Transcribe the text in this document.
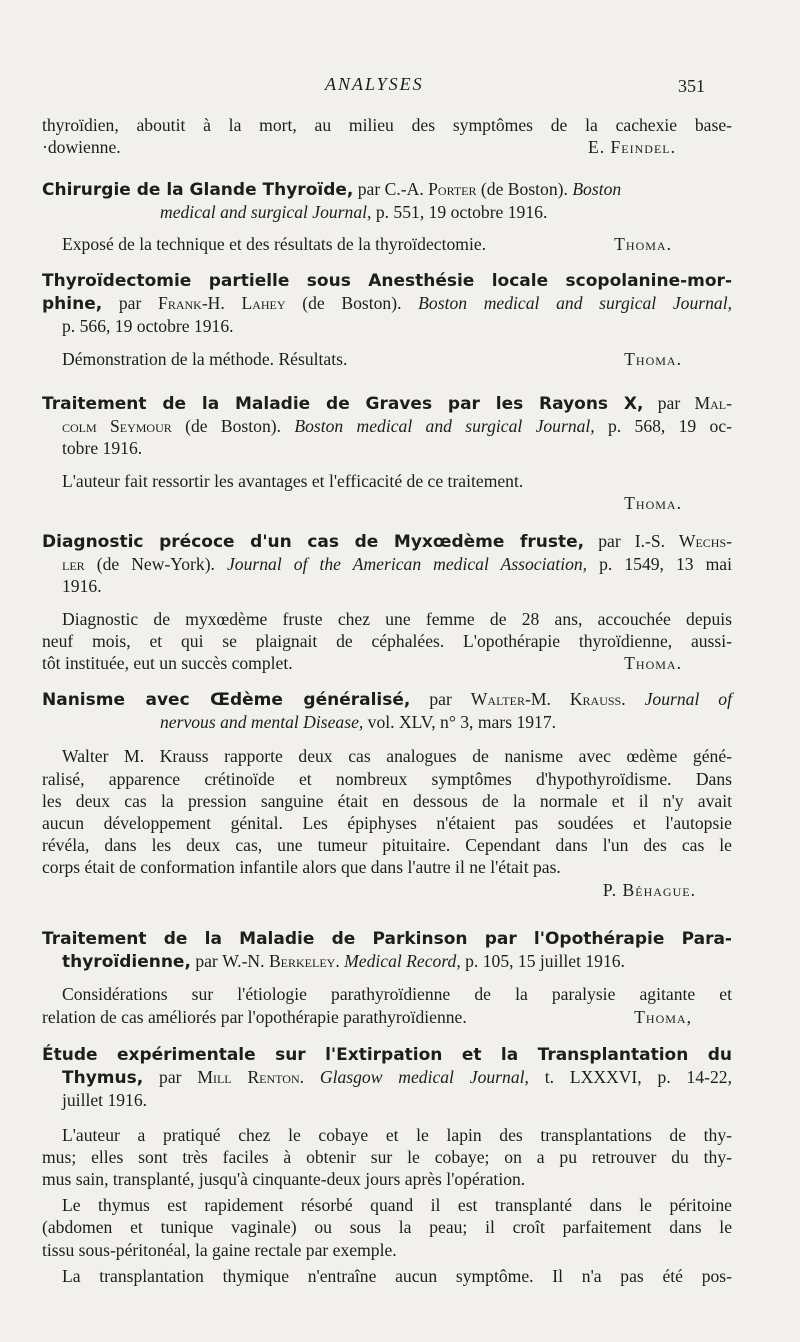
ANALYSES	351

thyroïdien, aboutit à la mort, au milieu des symptômes de la cachexie base-

·dowienne.	E. Feindel.

Chirurgie de la Glande Thyroïde, par C.-A. Porter (de Boston). Boston

medical and surgical Journal, p. 551, 19 octobre 1916.

Exposé de la technique et des résultats de la thyroïdectomie.	Thoma.

Thyroïdectomie partielle sous Anesthésie locale scopolanine-mor-

phine, par Frank-H. Lahey (de Boston). Boston medical and surgical Journal,

p. 566, 19 octobre 1916.

Démonstration de la méthode. Résultats.	Thoma.

Traitement de la Maladie de Graves par les Rayons X, par Mal-

colm Seymour (de Boston). Boston medical and surgical Journal, p. 568, 19 oc-

tobre 1916.

L'auteur fait ressortir les avantages et l'efficacité de ce traitement.

Thoma.

Diagnostic précoce d'un cas de Myxœdème fruste, par I.-S. Wechs-

ler (de New-York). Journal of the American medical Association, p. 1549, 13 mai

1916.

Diagnostic de myxœdème fruste chez une femme de 28 ans, accouchée depuis

neuf mois, et qui se plaignait de céphalées. L'opothérapie thyroïdienne, aussi-

tôt instituée, eut un succès complet.	Thoma.

Nanisme avec Œdème généralisé, par Walter-M. Krauss. Journal of

nervous and mental Disease, vol. XLV, n° 3, mars 1917.

Walter M. Krauss rapporte deux cas analogues de nanisme avec œdème géné-

ralisé, apparence crétinoïde et nombreux symptômes d'hypothyroïdisme. Dans

les deux cas la pression sanguine était en dessous de la normale et il n'y avait

aucun développement génital. Les épiphyses n'étaient pas soudées et l'autopsie

révéla, dans les deux cas, une tumeur pituitaire. Cependant dans l'un des cas le

corps était de conformation infantile alors que dans l'autre il ne l'était pas.

P. Béhague.

Traitement de la Maladie de Parkinson par l'Opothérapie Para-

thyroïdienne, par W.-N. Berkeley. Medical Record, p. 105, 15 juillet 1916.

Considérations sur l'étiologie parathyroïdienne de la paralysie agitante et

relation de cas améliorés par l'opothérapie parathyroïdienne.	Thoma,

Étude expérimentale sur l'Extirpation et la Transplantation du

Thymus, par Mill Renton. Glasgow medical Journal, t. LXXXVI, p. 14-22,

juillet 1916.

L'auteur a pratiqué chez le cobaye et le lapin des transplantations de thy-

mus; elles sont très faciles à obtenir sur le cobaye; on a pu retrouver du thy-

mus sain, transplanté, jusqu'à cinquante-deux jours après l'opération.

Le thymus est rapidement résorbé quand il est transplanté dans le péritoine

(abdomen et tunique vaginale) ou sous la peau; il croît parfaitement dans le

tissu sous-péritonéal, la gaine rectale par exemple.

La transplantation thymique n'entraîne aucun symptôme. Il n'a pas été pos-
